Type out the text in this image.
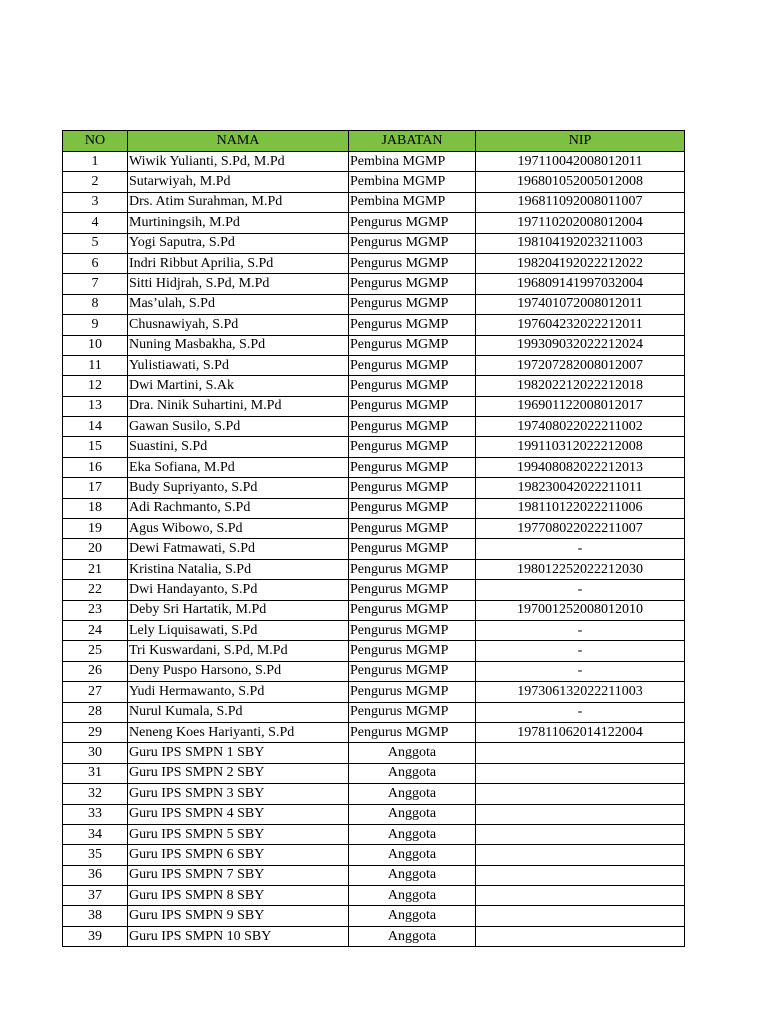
NO	NAMA	JABATAN	NIP
1	Wiwik Yulianti, S.Pd, M.Pd	Pembina MGMP	197110042008012011
2	Sutarwiyah, M.Pd	Pembina MGMP	196801052005012008
3	Drs. Atim Surahman, M.Pd	Pembina MGMP	196811092008011007
4	Murtiningsih, M.Pd	Pengurus MGMP	197110202008012004
5	Yogi Saputra, S.Pd	Pengurus MGMP	198104192023211003
6	Indri Ribbut Aprilia, S.Pd	Pengurus MGMP	198204192022212022
7	Sitti Hidjrah, S.Pd, M.Pd	Pengurus MGMP	196809141997032004
8	Mas’ulah, S.Pd	Pengurus MGMP	197401072008012011
9	Chusnawiyah, S.Pd	Pengurus MGMP	197604232022212011
10	Nuning Masbakha, S.Pd	Pengurus MGMP	199309032022212024
11	Yulistiawati, S.Pd	Pengurus MGMP	197207282008012007
12	Dwi Martini, S.Ak	Pengurus MGMP	198202212022212018
13	Dra. Ninik Suhartini, M.Pd	Pengurus MGMP	196901122008012017
14	Gawan Susilo, S.Pd	Pengurus MGMP	197408022022211002
15	Suastini, S.Pd	Pengurus MGMP	199110312022212008
16	Eka Sofiana, M.Pd	Pengurus MGMP	199408082022212013
17	Budy Supriyanto, S.Pd	Pengurus MGMP	198230042022211011
18	Adi Rachmanto, S.Pd	Pengurus MGMP	198110122022211006
19	Agus Wibowo, S.Pd	Pengurus MGMP	197708022022211007
20	Dewi Fatmawati, S.Pd	Pengurus MGMP	-
21	Kristina Natalia, S.Pd	Pengurus MGMP	198012252022212030
22	Dwi Handayanto, S.Pd	Pengurus MGMP	-
23	Deby Sri Hartatik, M.Pd	Pengurus MGMP	197001252008012010
24	Lely Liquisawati, S.Pd	Pengurus MGMP	-
25	Tri Kuswardani, S.Pd, M.Pd	Pengurus MGMP	-
26	Deny Puspo Harsono, S.Pd	Pengurus MGMP	-
27	Yudi Hermawanto, S.Pd	Pengurus MGMP	197306132022211003
28	Nurul Kumala, S.Pd	Pengurus MGMP	-
29	Neneng Koes Hariyanti, S.Pd	Pengurus MGMP	197811062014122004
30	Guru IPS SMPN 1 SBY	Anggota	
31	Guru IPS SMPN 2 SBY	Anggota	
32	Guru IPS SMPN 3 SBY	Anggota	
33	Guru IPS SMPN 4 SBY	Anggota	
34	Guru IPS SMPN 5 SBY	Anggota	
35	Guru IPS SMPN 6 SBY	Anggota	
36	Guru IPS SMPN 7 SBY	Anggota	
37	Guru IPS SMPN 8 SBY	Anggota	
38	Guru IPS SMPN 9 SBY	Anggota	
39	Guru IPS SMPN 10 SBY	Anggota	
